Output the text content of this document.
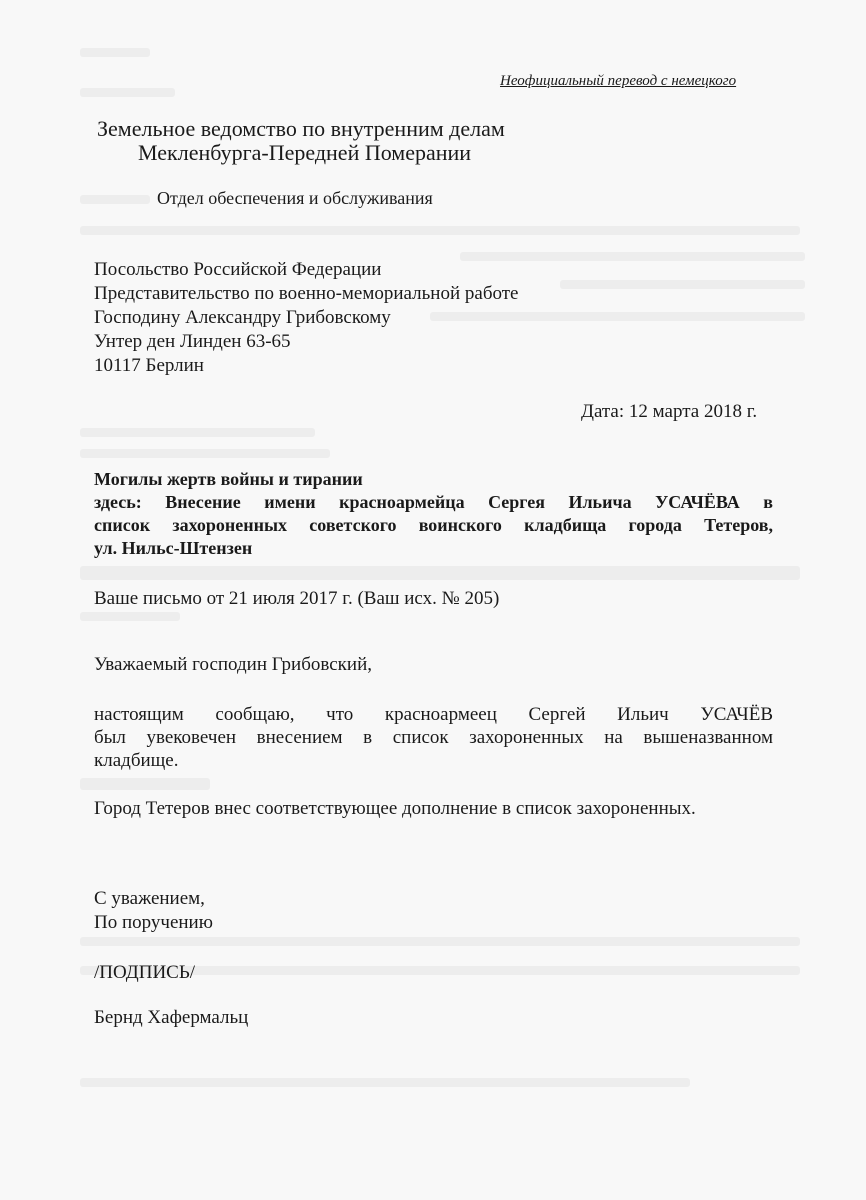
Неофициальный перевод с немецкого
Земельное ведомство по внутренним делам
Мекленбурга-Передней Померании
Отдел обеспечения и обслуживания
Посольство Российской Федерации
Представительство по военно-мемориальной работе
Господину Александру Грибовскому
Унтер ден Линден 63-65
10117 Берлин
Дата: 12 марта 2018 г.
Могилы жертв войны и тирании
здесь: Внесение имени красноармейца Сергея Ильича УСАЧЁВА в
список захороненных советского воинского кладбища города Тетеров,
ул. Нильс-Штензен
Ваше письмо от 21 июля 2017 г. (Ваш исх. № 205)
Уважаемый господин Грибовский,
настоящим сообщаю, что красноармеец Сергей Ильич УСАЧЁВ
был увековечен внесением в список захороненных на вышеназванном
кладбище.
Город Тетеров внес соответствующее дополнение в список захороненных.
С уважением,
По поручению
/ПОДПИСЬ/
Бернд Хафермальц
